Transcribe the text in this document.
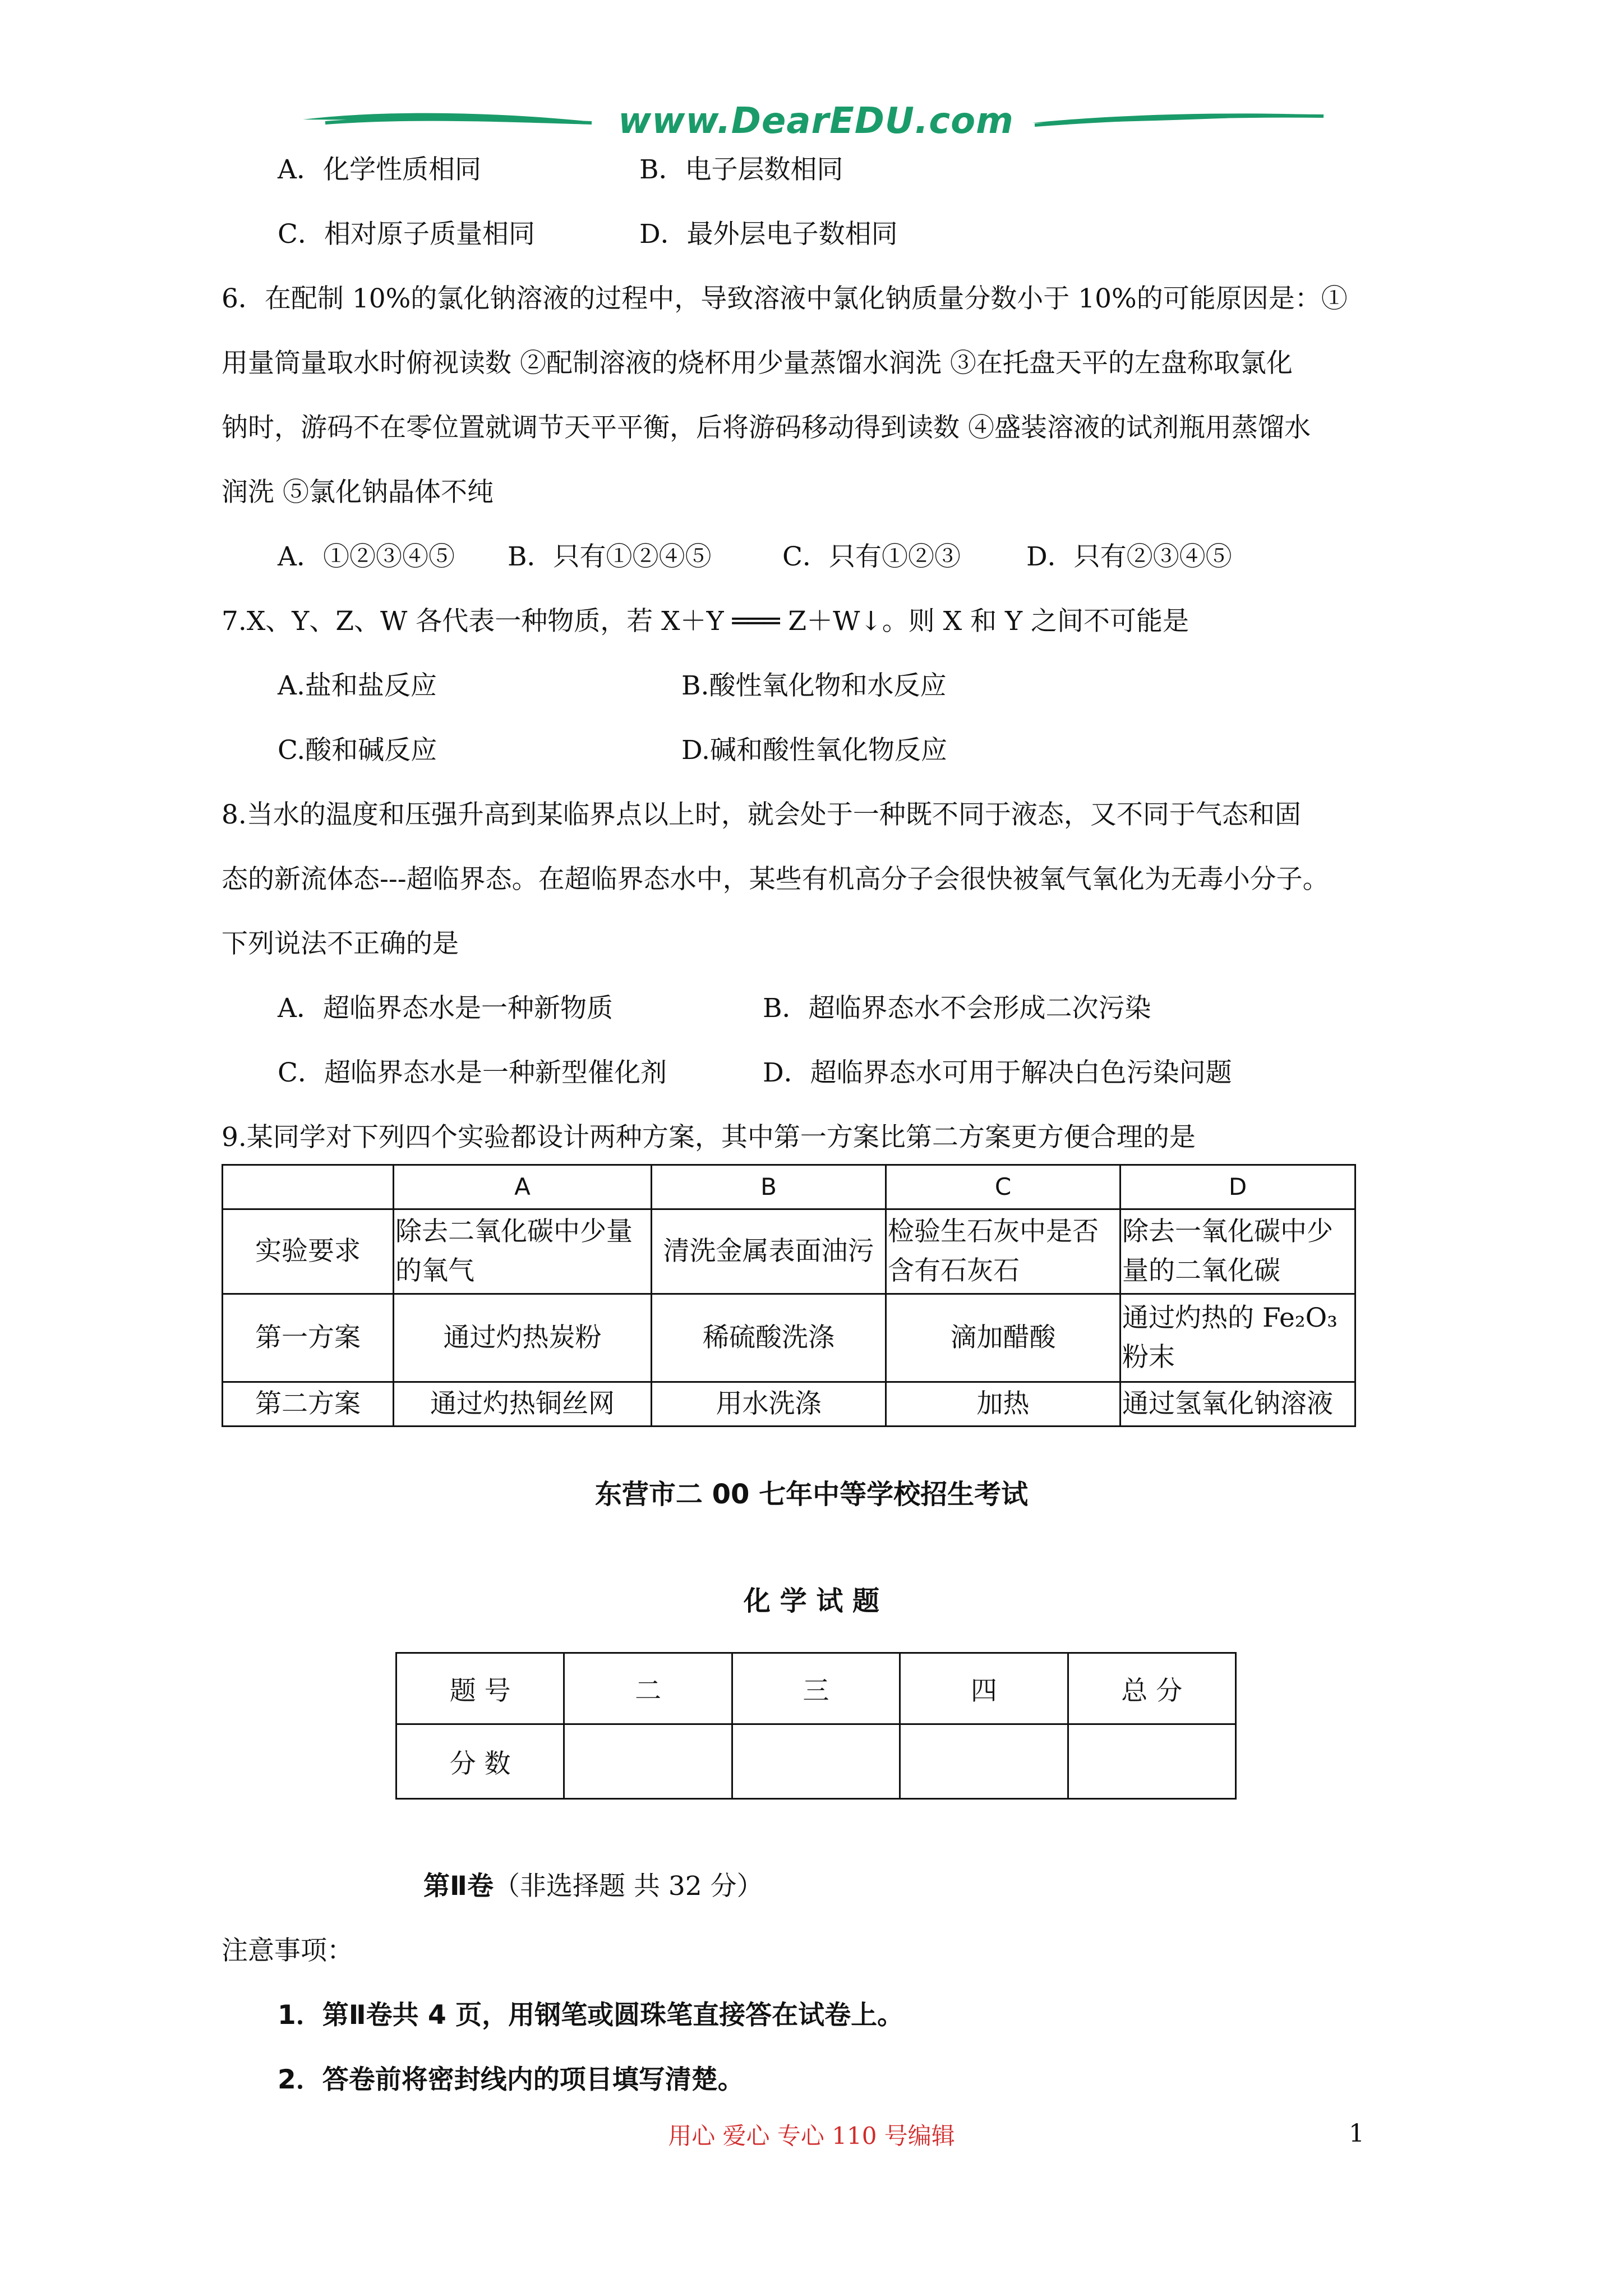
www.DearEDU.com
A．化学性质相同	B．电子层数相同
C．相对原子质量相同	D．最外层电子数相同
6．在配制 10%的氯化钠溶液的过程中，导致溶液中氯化钠质量分数小于 10%的可能原因是：①
用量筒量取水时俯视读数 ②配制溶液的烧杯用少量蒸馏水润洗 ③在托盘天平的左盘称取氯化
钠时，游码不在零位置就调节天平平衡，后将游码移动得到读数 ④盛装溶液的试剂瓶用蒸馏水
润洗 ⑤氯化钠晶体不纯
A．①②③④⑤ B．只有①②④⑤	C．只有①②③ D．只有②③④⑤
7.X、Y、Z、W 各代表一种物质，若 X＋Y ═══ Z＋W↓。则 X 和 Y 之间不可能是
A.盐和盐反应	B.酸性氧化物和水反应
C.酸和碱反应	D.碱和酸性氧化物反应
8.当水的温度和压强升高到某临界点以上时，就会处于一种既不同于液态，又不同于气态和固
态的新流体态---超临界态。在超临界态水中，某些有机高分子会很快被氧气氧化为无毒小分子。
下列说法不正确的是
A．超临界态水是一种新物质	B．超临界态水不会形成二次污染
C．超临界态水是一种新型催化剂	D．超临界态水可用于解决白色污染问题
9.某同学对下列四个实验都设计两种方案，其中第一方案比第二方案更方便合理的是
	A	B	C	D
实验要求	除去二氧化碳中少量的氧气	清洗金属表面油污	检验生石灰中是否含有石灰石	除去一氧化碳中少量的二氧化碳
第一方案	通过灼热炭粉	稀硫酸洗涤	滴加醋酸	通过灼热的 Fe₂O₃粉末
第二方案	通过灼热铜丝网	用水洗涤	加热	通过氢氧化钠溶液
东营市二 00 七年中等学校招生考试
化 学 试 题
题 号	二	三	四	总 分
分 数				
第Ⅱ卷（非选择题 共 32 分）
注意事项：
1．第Ⅱ卷共 4 页，用钢笔或圆珠笔直接答在试卷上。
2．答卷前将密封线内的项目填写清楚。
用心 爱心 专心 110 号编辑	1
